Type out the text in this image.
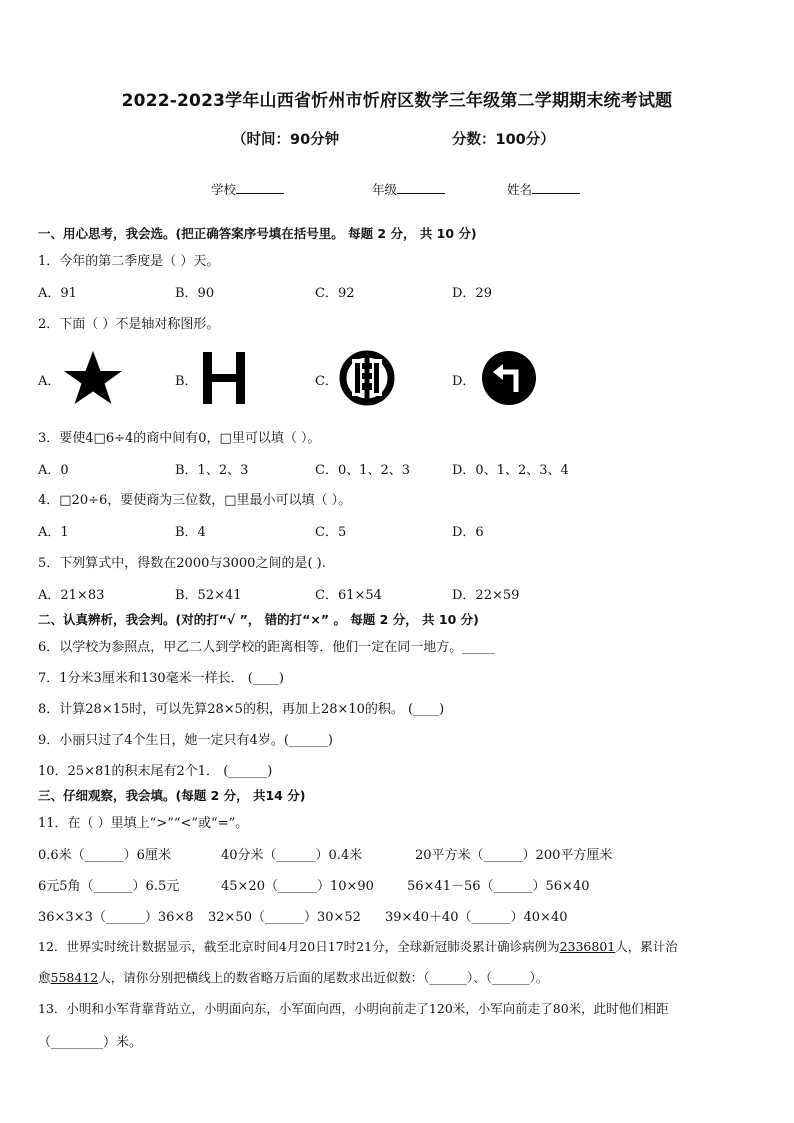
2022-2023学年山西省忻州市忻府区数学三年级第二学期期末统考试题
（时间：90分钟	分数：100分）
学校	年级	姓名
一、用心思考，我会选。(把正确答案序号填在括号里。 每题 2 分， 共 10 分)
1．今年的第二季度是（ ）天。
A．91	B．90	C．92	D．29
2．下面（ ）不是轴对称图形。
A．	B．	C．	D．
3．要使4□6÷4的商中间有0，□里可以填（ ）。
A．0	B．1、2、3	C．0、1、2、3	D．0、1、2、3、4
4．□20÷6，要使商为三位数，□里最小可以填（ ）。
A．1	B．4	C．5	D．6
5．下列算式中，得数在2000与3000之间的是( ).
A．21×83	B．52×41	C．61×54	D．22×59
二、认真辨析，我会判。(对的打“√ ”， 错的打“×” 。 每题 2 分， 共 10 分)
6．以学校为参照点，甲乙二人到学校的距离相等．他们一定在同一地方。_____
7．1分米3厘米和130毫米一样长． (____)
8．计算28×15时，可以先算28×5的积，再加上28×10的积。 (____)
9．小丽只过了4个生日，她一定只有4岁。(______)
10．25×81的积末尾有2个1． (______)
三、仔细观察，我会填。(每题 2 分， 共14 分)
11．在（ ）里填上“>”“<”或“=”。
0.6米（______）6厘米	40分米（______）0.4米	20平方米（______）200平方厘米
6元5角（______）6.5元	45×20（______）10×90	56×41－56（______）56×40
36×3×3（______）36×8 32×50（______）30×52 39×40＋40（______）40×40
12．世界实时统计数据显示，截至北京时间4月20日17时21分，全球新冠肺炎累计确诊病例为2336801人，累计治
愈558412人，请你分别把横线上的数省略万后面的尾数求出近似数：（______）、（______）。
13．小明和小军背靠背站立，小明面向东，小军面向西，小明向前走了120米，小军向前走了80米，此时他们相距
（________）米。
